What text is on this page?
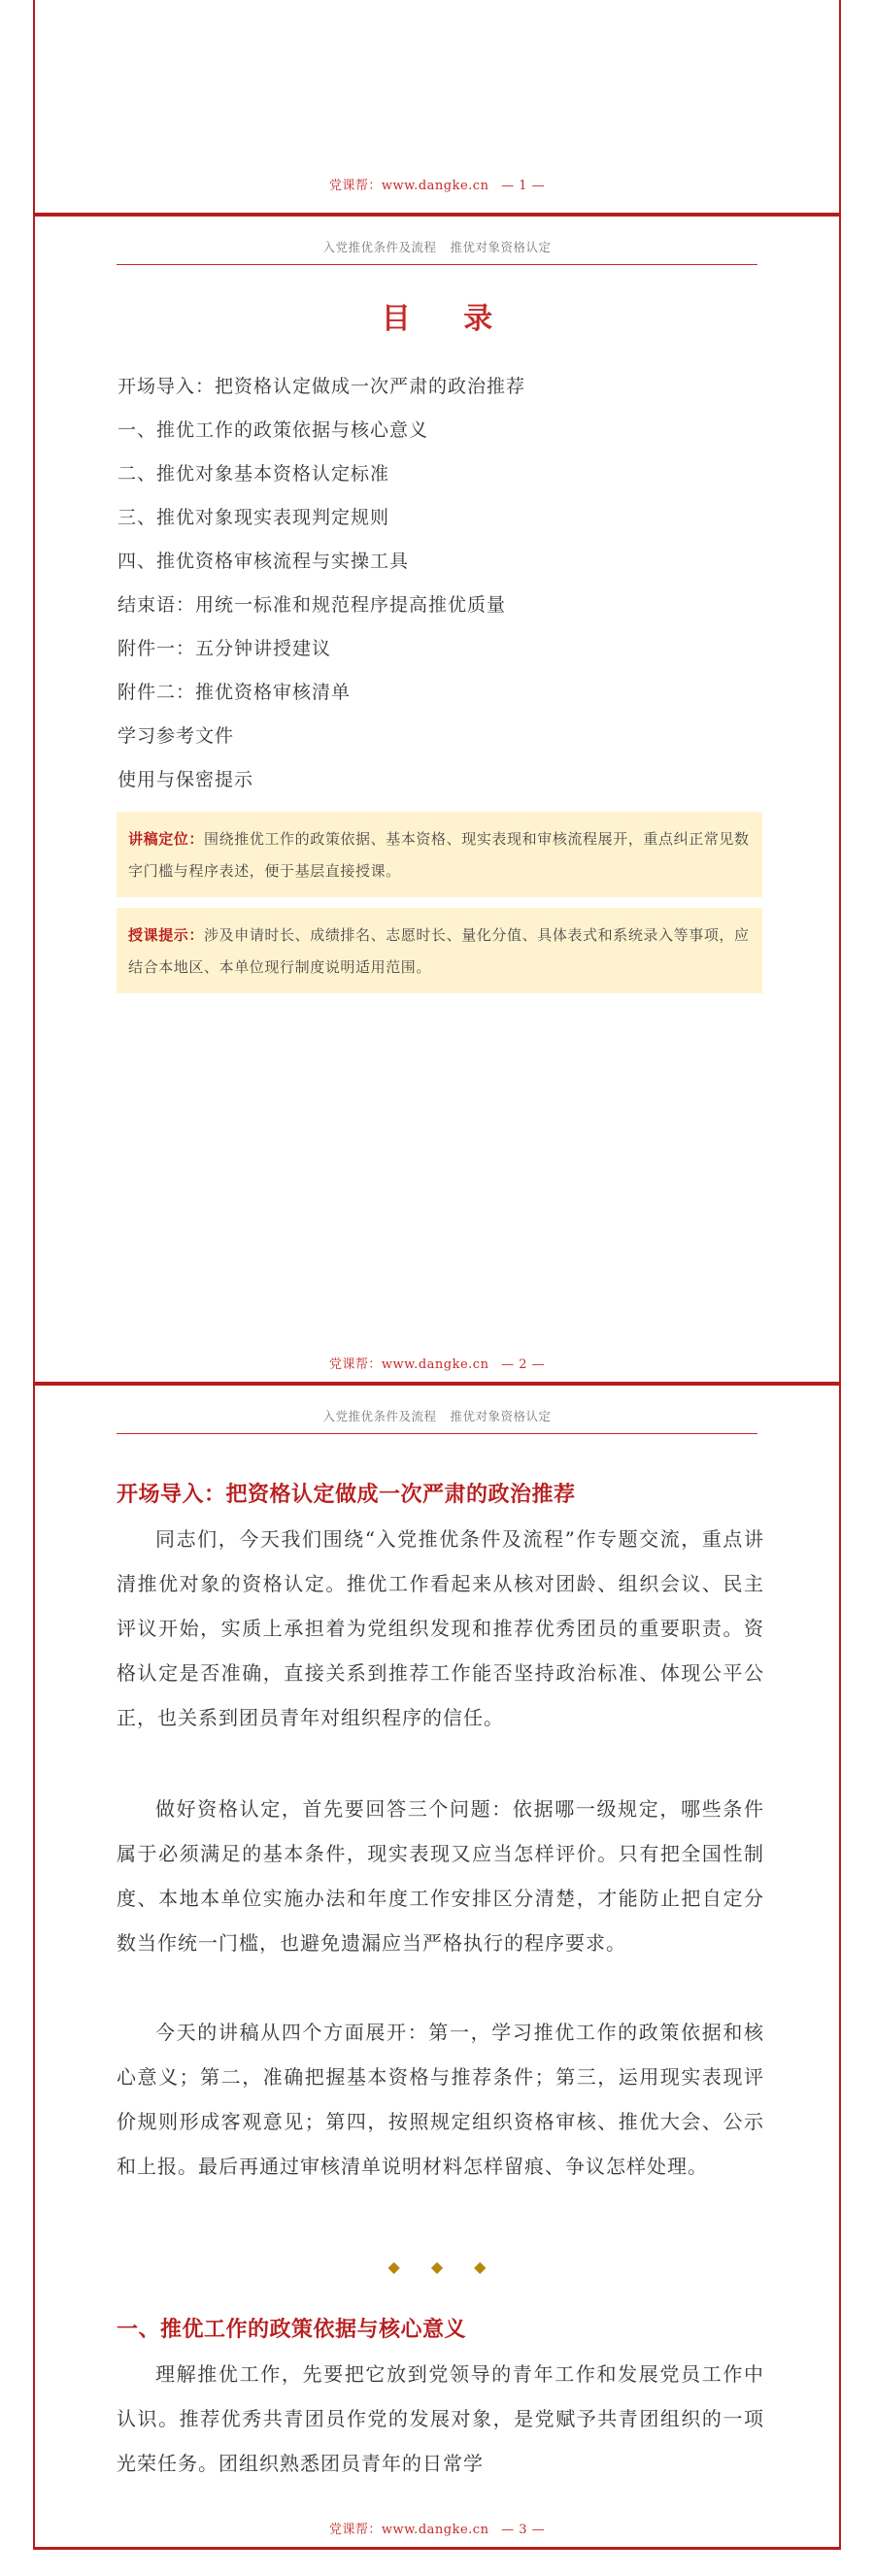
党课帮：www.dangke.cn — 1 —
入党推优条件及流程 推优对象资格认定
目 录
开场导入：把资格认定做成一次严肃的政治推荐
一、推优工作的政策依据与核心意义
二、推优对象基本资格认定标准
三、推优对象现实表现判定规则
四、推优资格审核流程与实操工具
结束语：用统一标准和规范程序提高推优质量
附件一：五分钟讲授建议
附件二：推优资格审核清单
学习参考文件
使用与保密提示
讲稿定位：围绕推优工作的政策依据、基本资格、现实表现和审核流程展开，重点纠正常见数字门槛与程序表述，便于基层直接授课。
授课提示：涉及申请时长、成绩排名、志愿时长、量化分值、具体表式和系统录入等事项，应结合本地区、本单位现行制度说明适用范围。
党课帮：www.dangke.cn — 2 —
入党推优条件及流程 推优对象资格认定
开场导入：把资格认定做成一次严肃的政治推荐

同志们，今天我们围绕“入党推优条件及流程”作专题交流，重点讲清推优对象的资格认定。推优工作看起来从核对团龄、组织会议、民主评议开始，实质上承担着为党组织发现和推荐优秀团员的重要职责。资格认定是否准确，直接关系到推荐工作能否坚持政治标准、体现公平公正，也关系到团员青年对组织程序的信任。

做好资格认定，首先要回答三个问题：依据哪一级规定，哪些条件属于必须满足的基本条件，现实表现又应当怎样评价。只有把全国性制度、本地本单位实施办法和年度工作安排区分清楚，才能防止把自定分数当作统一门槛，也避免遗漏应当严格执行的程序要求。

今天的讲稿从四个方面展开：第一，学习推优工作的政策依据和核心意义；第二，准确把握基本资格与推荐条件；第三，运用现实表现评价规则形成客观意见；第四，按照规定组织资格审核、推优大会、公示和上报。最后再通过审核清单说明材料怎样留痕、争议怎样处理。

◆ ◆ ◆
一、推优工作的政策依据与核心意义

理解推优工作，先要把它放到党领导的青年工作和发展党员工作中认识。推荐优秀共青团员作党的发展对象，是党赋予共青团组织的一项光荣任务。团组织熟悉团员青年的日常学

党课帮：www.dangke.cn — 3 —
